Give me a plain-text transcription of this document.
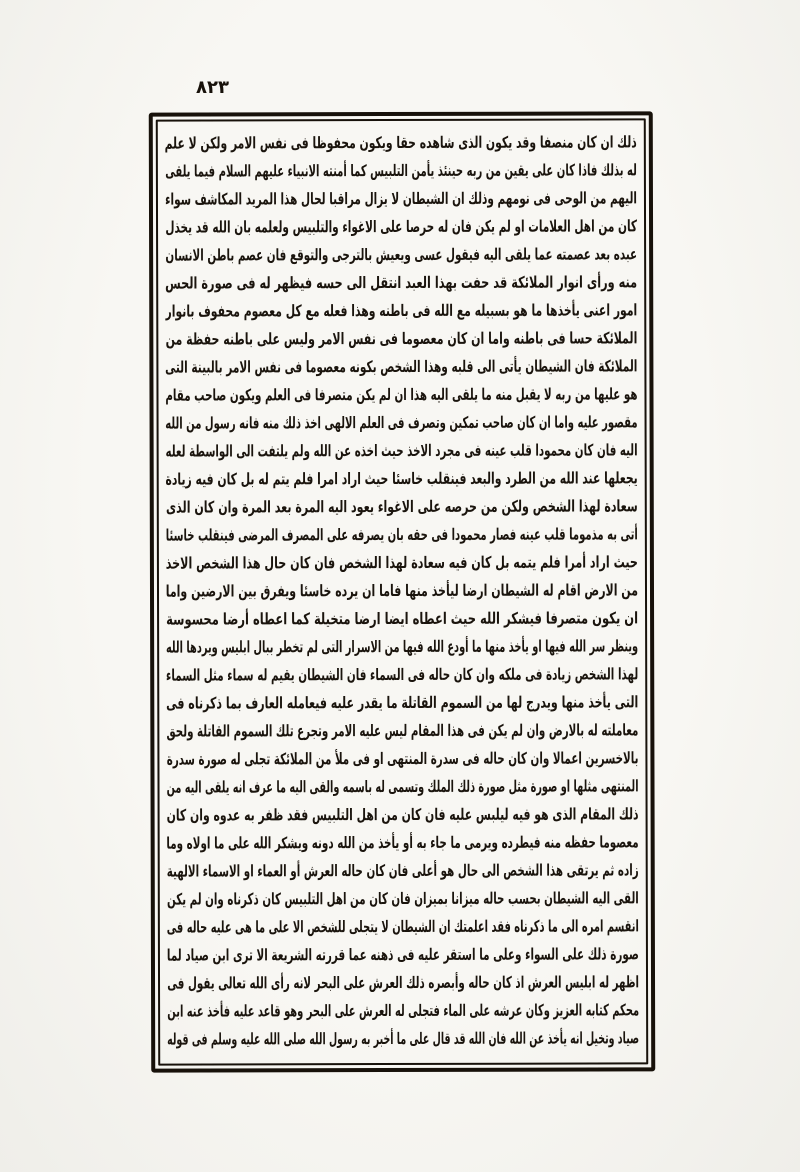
٨٢٣
ذلك ان كان منصفا وقد يكون الذى شاهده حقا ويكون محفوظا فى نفس الامر ولكن لا علم
له بذلك فاذا كان على يقين من ربه حينئذ يأمن التلبيس كما أمنته الانبياء عليهم السلام فيما يلقى
اليهم من الوحى فى نومهم وذلك ان الشيطان لا يزال مراقبا لحال هذا المريد المكاشف سواء
كان من اهل العلامات او لم يكن فان له حرصا على الاغواء والتلبيس ولعلمه بان الله قد يخذل
عبده بعد عصمته عما يلقى اليه فيقول عسى ويعيش بالترجى والتوقع فان عصم باطن الانسان
منه ورأى انوار الملائكة قد حفت بهذا العبد انتقل الى حسه فيظهر له فى صورة الحس
امور اعنى يأخذها ما هو بسبيله مع الله فى باطنه وهذا فعله مع كل معصوم محفوف بانوار
الملائكة حسا فى باطنه واما ان كان معصوما فى نفس الامر وليس على باطنه حفظة من
الملائكة فان الشيطان يأتى الى قلبه وهذا الشخص بكونه معصوما فى نفس الامر بالبينة التى
هو عليها من ربه لا يقبل منه ما يلقى اليه هذا ان لم يكن متصرفا فى العلم ويكون صاحب مقام
مقصور عليه واما ان كان صاحب تمكين وتصرف فى العلم الالهى اخذ ذلك منه فانه رسول من الله
اليه فان كان محمودا قلب عينه فى مجرد الاخذ حيث اخذه عن الله ولم يلتفت الى الواسطة لعله
يجعلها عند الله من الطرد والبعد فينقلب خاسئا حيث اراد امرا فلم يتم له بل كان فيه زيادة
سعادة لهذا الشخص ولكن من حرصه على الاغواء يعود اليه المرة بعد المرة وان كان الذى
أتى به مذموما قلب عينه فصار محمودا فى حقه بان يصرفه على المصرف المرضى فينقلب خاسئا
حيث اراد أمرا فلم يتمه بل كان فيه سعادة لهذا الشخص فان كان حال هذا الشخص الاخذ
من الارض اقام له الشيطان ارضا ليأخذ منها فاما ان يرده خاسئا ويفرق بين الارضين واما
ان يكون متصرفا فيشكر الله حيث اعطاه ايضا ارضا متخيلة كما اعطاه أرضا محسوسة
وينظر سر الله فيها او يأخذ منها ما أودع الله فيها من الاسرار التى لم تخطر ببال ابليس ويردها الله
لهذا الشخص زيادة فى ملكه وان كان حاله فى السماء فان الشيطان يقيم له سماء مثل السماء
التى يأخذ منها ويدرج لها من السموم القاتلة ما يقدر عليه فيعامله العارف بما ذكرناه فى
معاملته له بالارض وان لم يكن فى هذا المقام ليس عليه الامر وتجرع تلك السموم القاتلة ولحق
بالاخسرين اعمالا وان كان حاله فى سدرة المنتهى او فى ملأ من الملائكة تجلى له صورة سدرة
المنتهى مثلها او صورة مثل صورة ذلك الملك وتسمى له باسمه والقى اليه ما عرف انه يلقى اليه من
ذلك المقام الذى هو فيه ليلبس عليه فان كان من اهل التلبيس فقد ظفر به عدوه وان كان
معصوما حفظه منه فيطرده ويرمى ما جاء به أو يأخذ من الله دونه ويشكر الله على ما اولاه وما
زاده ثم يرتقى هذا الشخص الى حال هو أعلى فان كان حاله العرش أو العماء او الاسماء الالهية
القى اليه الشيطان بحسب حاله ميزانا بميزان فان كان من اهل التلبيس كان ذكرناه وان لم يكن
انقسم امره الى ما ذكرناه فقد اعلمتك ان الشيطان لا يتجلى للشخص الا على ما هى عليه حاله فى
صورة ذلك على السواء وعلى ما استقر عليه فى ذهنه عما قررته الشريعة الا ترى ابن صياد لما
اظهر له ابليس العرش اذ كان حاله وأبصره ذلك العرش على البحر لانه رأى الله تعالى يقول فى
محكم كتابه العزيز وكان عرشه على الماء فتجلى له العرش على البحر وهو قاعد عليه فأخذ عنه ابن
صياد وتخيل انه يأخذ عن الله فان الله قد قال على ما أخبر به رسول الله صلى الله عليه وسلم فى قوله
